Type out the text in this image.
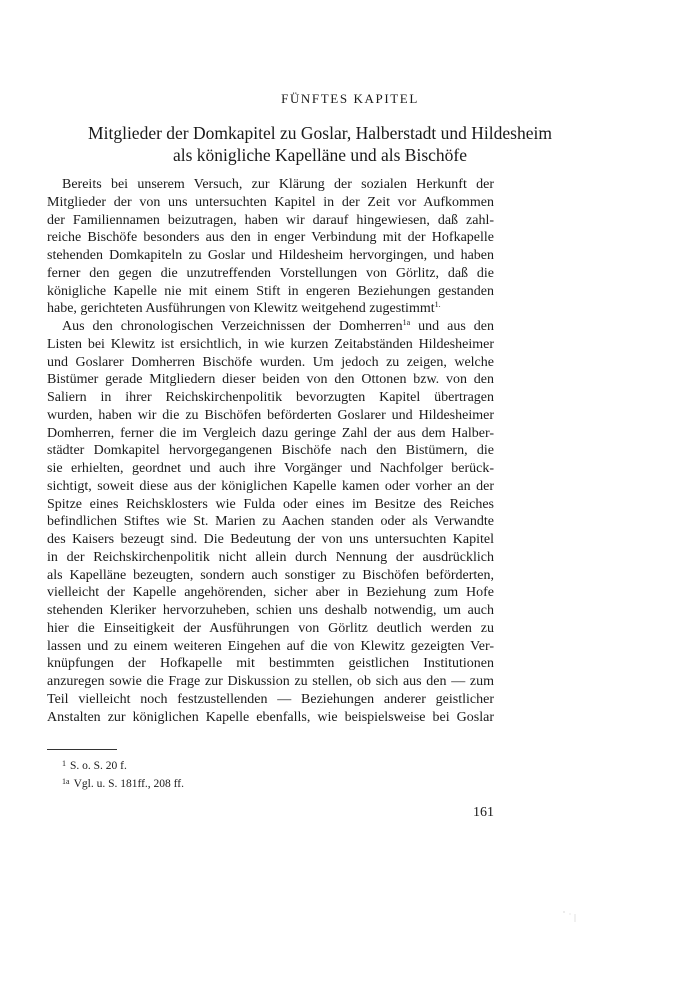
FÜNFTES KAPITEL
Mitglieder der Domkapitel zu Goslar, Halberstadt und Hildesheim
als königliche Kapelläne und als Bischöfe
Bereits bei unserem Versuch, zur Klärung der sozialen Herkunft der
Mitglieder der von uns untersuchten Kapitel in der Zeit vor Aufkommen
der Familiennamen beizutragen, haben wir darauf hingewiesen, daß zahl-
reiche Bischöfe besonders aus den in enger Verbindung mit der Hofkapelle
stehenden Domkapiteln zu Goslar und Hildesheim hervorgingen, und haben
ferner den gegen die unzutreffenden Vorstellungen von Görlitz, daß die
königliche Kapelle nie mit einem Stift in engeren Beziehungen gestanden
habe, gerichteten Ausführungen von Klewitz weitgehend zugestimmt$^{1.}$
Aus den chronologischen Verzeichnissen der Domherren$^{1a}$ und aus den
Listen bei Klewitz ist ersichtlich, in wie kurzen Zeitabständen Hildesheimer
und Goslarer Domherren Bischöfe wurden. Um jedoch zu zeigen, welche
Bistümer gerade Mitgliedern dieser beiden von den Ottonen bzw. von den
Saliern in ihrer Reichskirchenpolitik bevorzugten Kapitel übertragen
wurden, haben wir die zu Bischöfen beförderten Goslarer und Hildesheimer
Domherren, ferner die im Vergleich dazu geringe Zahl der aus dem Halber-
städter Domkapitel hervorgegangenen Bischöfe nach den Bistümern, die
sie erhielten, geordnet und auch ihre Vorgänger und Nachfolger berück-
sichtigt, soweit diese aus der königlichen Kapelle kamen oder vorher an der
Spitze eines Reichsklosters wie Fulda oder eines im Besitze des Reiches
befindlichen Stiftes wie St. Marien zu Aachen standen oder als Verwandte
des Kaisers bezeugt sind. Die Bedeutung der von uns untersuchten Kapitel
in der Reichskirchenpolitik nicht allein durch Nennung der ausdrücklich
als Kapelläne bezeugten, sondern auch sonstiger zu Bischöfen beförderten,
vielleicht der Kapelle angehörenden, sicher aber in Beziehung zum Hofe
stehenden Kleriker hervorzuheben, schien uns deshalb notwendig, um auch
hier die Einseitigkeit der Ausführungen von Görlitz deutlich werden zu
lassen und zu einem weiteren Eingehen auf die von Klewitz gezeigten Ver-
knüpfungen der Hofkapelle mit bestimmten geistlichen Institutionen
anzuregen sowie die Frage zur Diskussion zu stellen, ob sich aus den — zum
Teil vielleicht noch festzustellenden — Beziehungen anderer geistlicher
Anstalten zur königlichen Kapelle ebenfalls, wie beispielsweise bei Goslar
$^1$ S. o. S. 20 f.
$^{1a}$ Vgl. u. S. 181ff., 208 ff.
161
